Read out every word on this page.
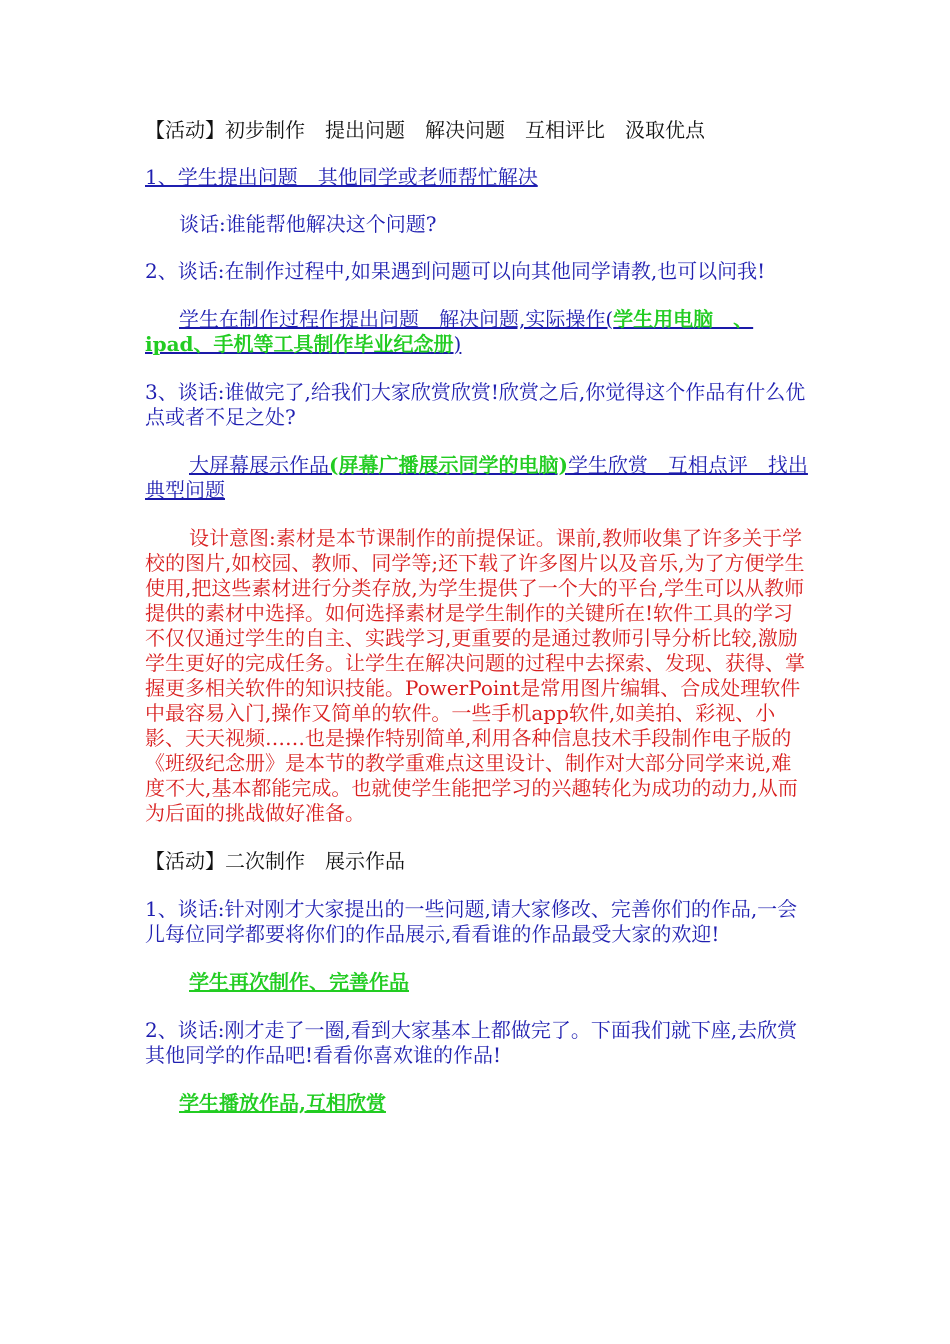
【活动】初步制作　提出问题　解决问题　互相评比　汲取优点

1、学生提出问题　其他同学或老师帮忙解决

谈话:谁能帮他解决这个问题?

2、谈话:在制作过程中,如果遇到问题可以向其他同学请教,也可以问我!

学生在制作过程作提出问题　解决问题,实际操作(学生用电脑　、ipad、手机等工具制作毕业纪念册)

3、谈话:谁做完了,给我们大家欣赏欣赏!欣赏之后,你觉得这个作品有什么优点或者不足之处?

大屏幕展示作品(屏幕广播展示同学的电脑)学生欣赏　互相点评　找出典型问题

设计意图:素材是本节课制作的前提保证。课前,教师收集了许多关于学校的图片,如校园、教师、同学等;还下载了许多图片以及音乐,为了方便学生使用,把这些素材进行分类存放,为学生提供了一个大的平台,学生可以从教师提供的素材中选择。如何选择素材是学生制作的关键所在!软件工具的学习不仅仅通过学生的自主、实践学习,更重要的是通过教师引导分析比较,激励学生更好的完成任务。让学生在解决问题的过程中去探索、发现、获得、掌握更多相关软件的知识技能。PowerPoint是常用图片编辑、合成处理软件中最容易入门,操作又简单的软件。一些手机app软件,如美拍、彩视、小影、天天视频……也是操作特别简单,利用各种信息技术手段制作电子版的《班级纪念册》是本节的教学重难点这里设计、制作对大部分同学来说,难度不大,基本都能完成。也就使学生能把学习的兴趣转化为成功的动力,从而为后面的挑战做好准备。

【活动】二次制作　展示作品

1、谈话:针对刚才大家提出的一些问题,请大家修改、完善你们的作品,一会儿每位同学都要将你们的作品展示,看看谁的作品最受大家的欢迎!

学生再次制作、完善作品

2、谈话:刚才走了一圈,看到大家基本上都做完了。下面我们就下座,去欣赏其他同学的作品吧!看看你喜欢谁的作品!

学生播放作品,互相欣赏
